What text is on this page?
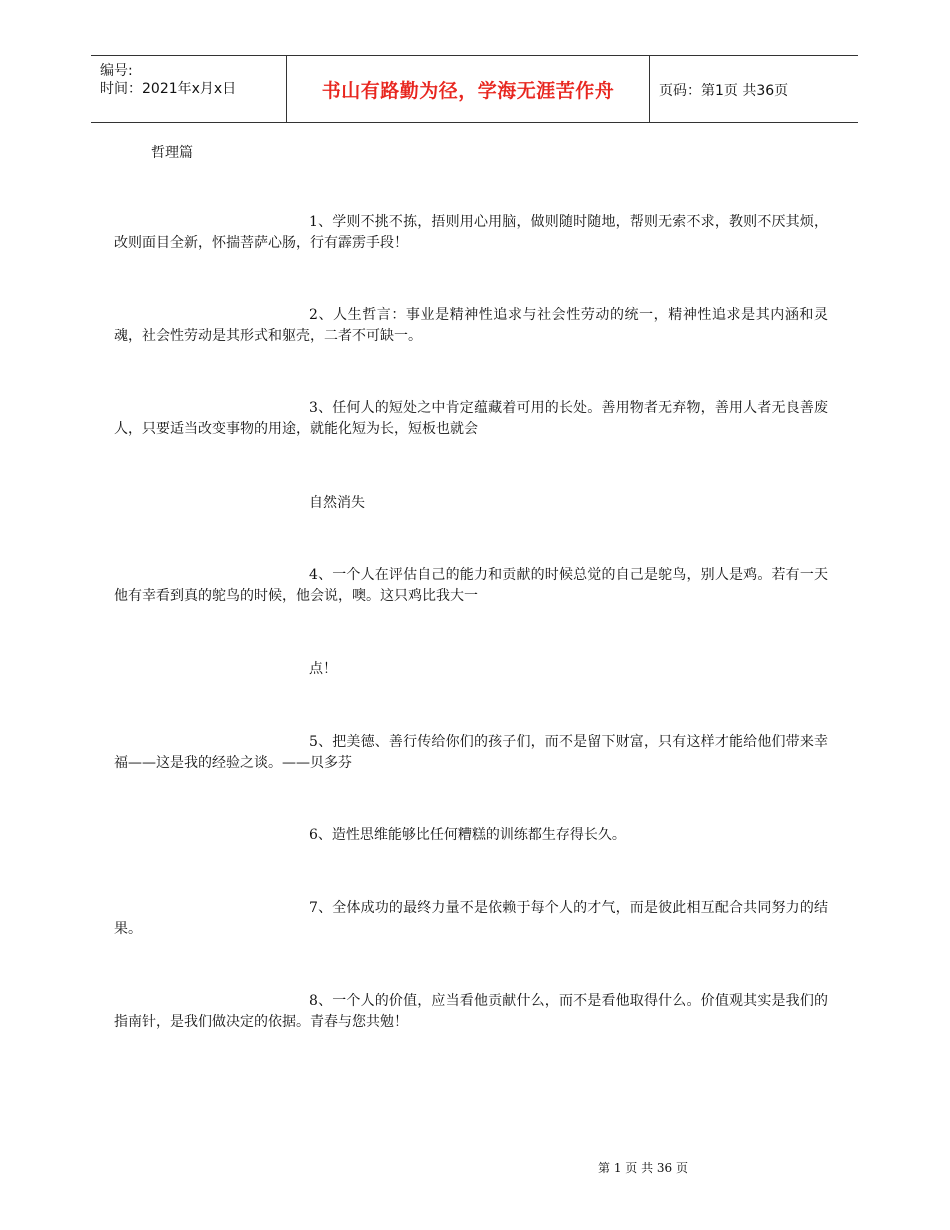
编号:
时间：2021年x月x日	书山有路勤为径，学海无涯苦作舟	页码：第1页 共36页
哲理篇
1、学则不挑不拣，捂则用心用脑，做则随时随地，帮则无索不求，教则不厌其烦，改则面目全新，怀揣菩萨心肠，行有霹雳手段！
2、人生哲言：事业是精神性追求与社会性劳动的统一，精神性追求是其内涵和灵魂，社会性劳动是其形式和躯壳，二者不可缺一。
3、任何人的短处之中肯定蕴藏着可用的长处。善用物者无弃物，善用人者无良善废人，只要适当改变事物的用途，就能化短为长，短板也就会
自然消失
4、一个人在评估自己的能力和贡献的时候总觉的自己是鸵鸟，别人是鸡。若有一天他有幸看到真的鸵鸟的时候，他会说，噢。这只鸡比我大一
点！
5、把美德、善行传给你们的孩子们，而不是留下财富，只有这样才能给他们带来幸福——这是我的经验之谈。——贝多芬
6、造性思维能够比任何糟糕的训练都生存得长久。
7、全体成功的最终力量不是依赖于每个人的才气，而是彼此相互配合共同努力的结果。
8、一个人的价值，应当看他贡献什么，而不是看他取得什么。价值观其实是我们的指南针，是我们做决定的依据。青春与您共勉！
第 1 页 共 36 页
